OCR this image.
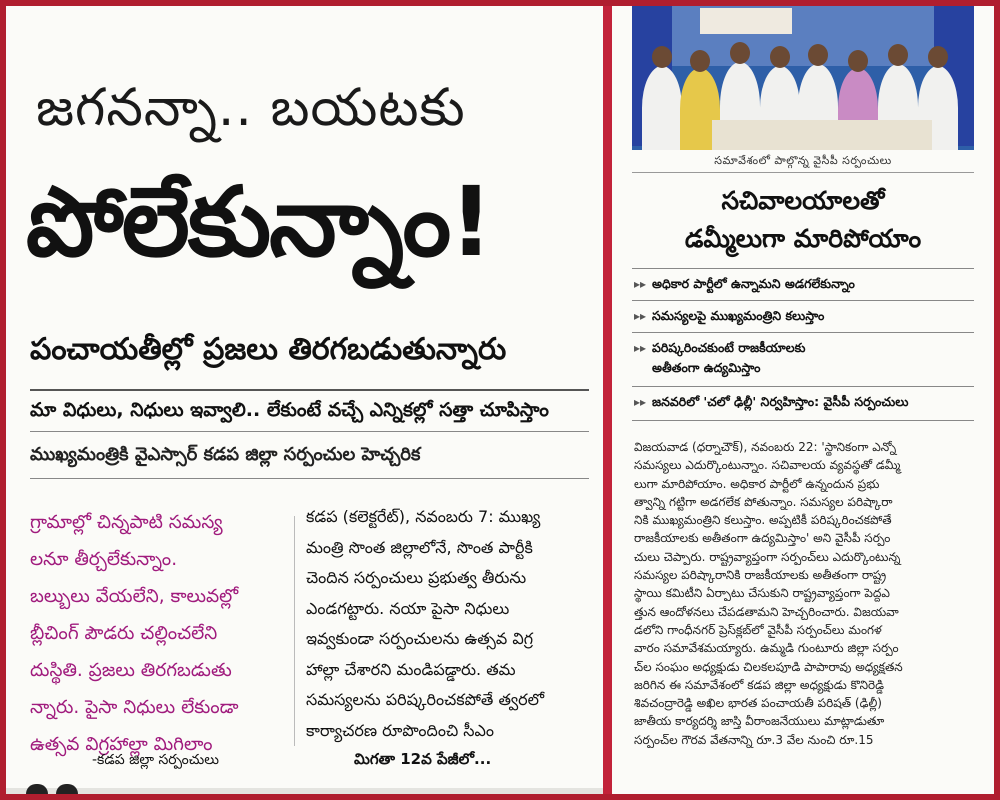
జగనన్నా.. బయటకు
పోలేకున్నాం!
పంచాయతీల్లో ప్రజలు తిరగబడుతున్నారు
మా విధులు, నిధులు ఇవ్వాలి.. లేకుంటే వచ్చే ఎన్నికల్లో సత్తా చూపిస్తాం
ముఖ్యమంత్రికి వైఎస్సార్ కడప జిల్లా సర్పంచుల హెచ్చరిక

గ్రామాల్లో చిన్నపాటి సమస్య

లనూ తీర్చలేకున్నాం.

బల్బులు వేయలేని, కాలువల్లో

బ్లీచింగ్ పౌడరు చల్లించలేని

దుస్థితి. ప్రజలు తిరగబడుతు

న్నారు. పైసా నిధులు లేకుండా

ఉత్సవ విగ్రహాల్లా మిగిలాం

-కడప జిల్లా సర్పంచులు

కడప (కలెక్టరేట్), నవంబరు 7: ముఖ్య

మంత్రి సొంత జిల్లాలోనే, సొంత పార్టీకి

చెందిన సర్పంచులు ప్రభుత్వ తీరును

ఎండగట్టారు. నయా పైసా నిధులు

ఇవ్వకుండా సర్పంచులను ఉత్సవ విగ్ర

హాల్లా చేశారని మండిపడ్డారు. తమ

సమస్యలను పరిష్కరించకపోతే త్వరలో

కార్యాచరణ రూపొందించి సీఎం

మిగతా 12వ పేజీలో...
సమావేశంలో పాల్గొన్న వైసీపీ సర్పంచులు
సచివాలయాలతో
డమ్మీలుగా మారిపోయాం
▸▸ అధికార పార్టీలో ఉన్నామని అడగలేకున్నాం
▸▸ సమస్యలపై ముఖ్యమంత్రిని కలుస్తాం
▸▸ పరిష్కరించకుంటే రాజకీయాలకు
అతీతంగా ఉద్యమిస్తాం
▸▸ జనవరిలో 'చలో ఢిల్లీ' నిర్వహిస్తాం: వైసీపీ సర్పంచులు

విజయవాడ (ధర్నాచౌక్), నవంబరు 22: 'స్థానికంగా ఎన్నో

సమస్యలు ఎదుర్కొంటున్నాం. సచివాలయ వ్యవస్థతో డమ్మీ

లుగా మారిపోయాం. అధికార పార్టీలో ఉన్నందున ప్రభు

త్వాన్ని గట్టిగా అడగలేక పోతున్నాం. సమస్యల పరిష్కారా

నికి ముఖ్యమంత్రిని కలుస్తాం. అప్పటికీ పరిష్కరించకపోతే

రాజకీయాలకు అతీతంగా ఉద్యమిస్తాం' అని వైసీపీ సర్పం

చులు చెప్పారు. రాష్ట్రవ్యాప్తంగా సర్పంచ్‌లు ఎదుర్కొంటున్న

సమస్యల పరిష్కారానికి రాజకీయాలకు అతీతంగా రాష్ట్ర

స్థాయి కమిటీని ఏర్పాటు చేసుకుని రాష్ట్రవ్యాప్తంగా పెద్దఎ

త్తున ఆందోళనలు చేపడతామని హెచ్చరించారు. విజయవా

డలోని గాంధీనగర్ ప్రెస్‌క్లబ్‌లో వైసీపీ సర్పంచ్‌లు మంగళ

వారం సమావేశమయ్యారు. ఉమ్మడి గుంటూరు జిల్లా సర్పం

చ్‌ల సంఘం అధ్యక్షుడు చిలకలపూడి పాపారావు అధ్యక్షతన

జరిగిన ఈ సమావేశంలో కడప జిల్లా అధ్యక్షుడు కొనిరెడ్డి

శివచంద్రారెడ్డి అఖిల భారత పంచాయతీ పరిషత్ (ఢిల్లీ)

జాతీయ కార్యదర్శి జాస్తి వీరాంజనేయులు మాట్లాడుతూ

సర్పంచ్‌ల గౌరవ వేతనాన్ని రూ.3 వేల నుంచి రూ.15
